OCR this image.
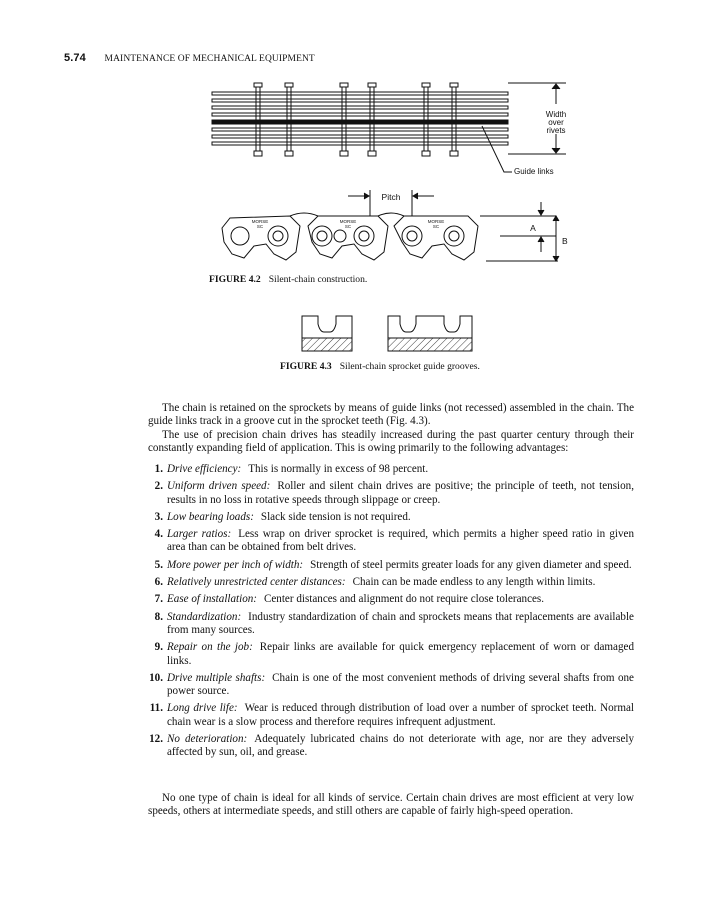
5.74 MAINTENANCE OF MECHANICAL EQUIPMENT
Width
over
rivets
Guide links
MORSE
SC
MORSE
SC
MORSE
SC
Pitch
A
B
FIGURE 4.2 Silent-chain construction.
FIGURE 4.3 Silent-chain sprocket guide grooves.

The chain is retained on the sprockets by means of guide links (not recessed) assembled in the chain. The guide links track in a groove cut in the sprocket teeth (Fig. 4.3).

The use of precision chain drives has steadily increased during the past quarter century through their constantly expanding field of application. This is owing primarily to the following advantages:

1. Drive efficiency: This is normally in excess of 98 percent.
2. Uniform driven speed: Roller and silent chain drives are positive; the principle of teeth, not tension, results in no loss in rotative speeds through slippage or creep.
3. Low bearing loads: Slack side tension is not required.
4. Larger ratios: Less wrap on driver sprocket is required, which permits a higher speed ratio in given area than can be obtained from belt drives.
5. More power per inch of width: Strength of steel permits greater loads for any given diameter and speed.
6. Relatively unrestricted center distances: Chain can be made endless to any length within limits.
7. Ease of installation: Center distances and alignment do not require close tolerances.
8. Standardization: Industry standardization of chain and sprockets means that replacements are available from many sources.
9. Repair on the job: Repair links are available for quick emergency replacement of worn or damaged links.
10. Drive multiple shafts: Chain is one of the most convenient methods of driving several shafts from one power source.
11. Long drive life: Wear is reduced through distribution of load over a number of sprocket teeth. Normal chain wear is a slow process and therefore requires infrequent adjustment.
12. No deterioration: Adequately lubricated chains do not deteriorate with age, nor are they adversely affected by sun, oil, and grease.

No one type of chain is ideal for all kinds of service. Certain chain drives are most efficient at very low speeds, others at intermediate speeds, and still others are capable of fairly high-speed operation.
